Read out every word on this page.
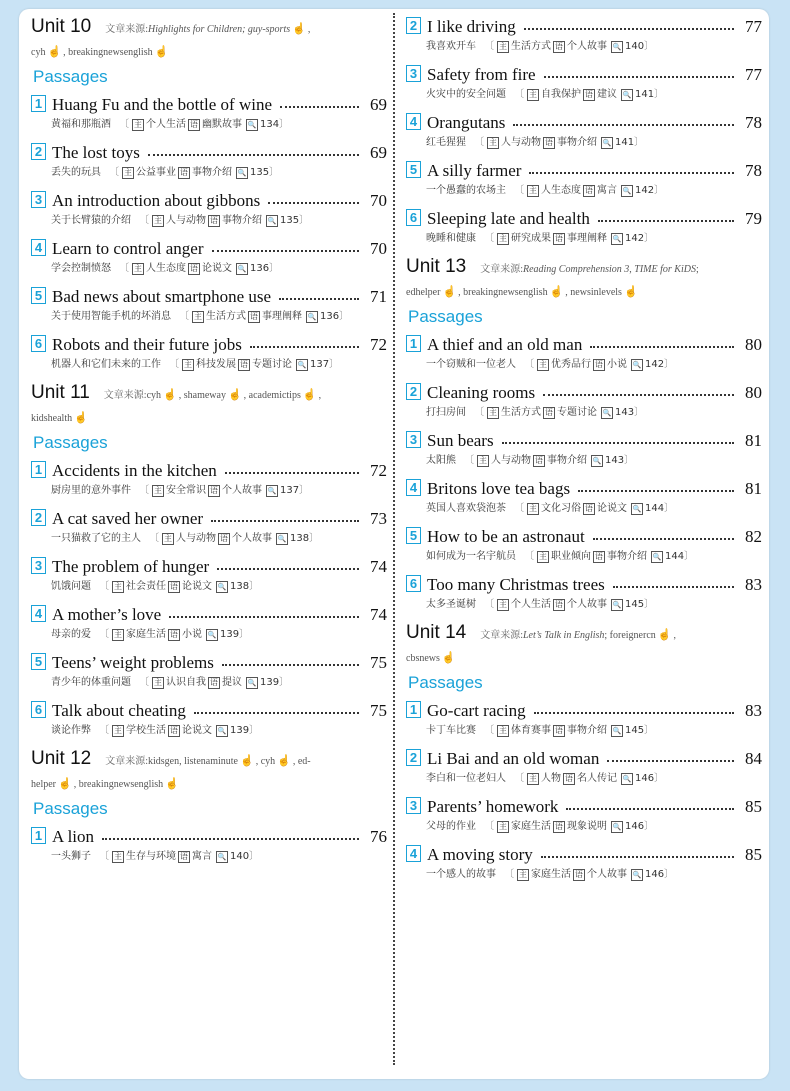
Unit 10 文章来源:Highlights for Children; guy-sports ☝ ,
cyh ☝ , breakingnewsenglish ☝
Passages
1 Huang Fu and the bottle of wine	69
黄福和那瓶酒 〔 主 个人生活 语 幽默故事 🔍 134〕
2 The lost toys	69
丢失的玩具 〔 主 公益事业 语 事物介绍 🔍 135〕
3 An introduction about gibbons	70
关于长臂猿的介绍 〔 主 人与动物 语 事物介绍 🔍 135〕
4 Learn to control anger	70
学会控制愤怒 〔 主 人生态度 语 论说文 🔍 136〕
5 Bad news about smartphone use	71
关于使用智能手机的坏消息 〔 主 生活方式 语 事理阐释 🔍 136〕
6 Robots and their future jobs	72
机器人和它们未来的工作 〔 主 科技发展 语 专题讨论 🔍 137〕
Unit 11 文章来源:cyh ☝ , shameway ☝ , academictips ☝ ,
kidshealth ☝
Passages
1 Accidents in the kitchen	72
厨房里的意外事件 〔 主 安全常识 语 个人故事 🔍 137〕
2 A cat saved her owner	73
一只猫救了它的主人 〔 主 人与动物 语 个人故事 🔍 138〕
3 The problem of hunger	74
饥饿问题 〔 主 社会责任 语 论说文 🔍 138〕
4 A mother’s love	74
母亲的爱 〔 主 家庭生活 语 小说 🔍 139〕
5 Teens’ weight problems	75
青少年的体重问题 〔 主 认识自我 语 提议 🔍 139〕
6 Talk about cheating	75
谈论作弊 〔 主 学校生活 语 论说文 🔍 139〕
Unit 12 文章来源:kidsgen, listenaminute ☝ , cyh ☝ , ed-
helper ☝ , breakingnewsenglish ☝
Passages
1 A lion	76
一头狮子 〔 主 生存与环境 语 寓言 🔍 140〕
2 I like driving	77
我喜欢开车 〔 主 生活方式 语 个人故事 🔍 140〕
3 Safety from fire	77
火灾中的安全问题 〔 主 自我保护 语 建议 🔍 141〕
4 Orangutans	78
红毛猩猩 〔 主 人与动物 语 事物介绍 🔍 141〕
5 A silly farmer	78
一个愚蠢的农场主 〔 主 人生态度 语 寓言 🔍 142〕
6 Sleeping late and health	79
晚睡和健康 〔 主 研究成果 语 事理阐释 🔍 142〕
Unit 13 文章来源:Reading Comprehension 3, TIME for KiDS;
edhelper ☝ , breakingnewsenglish ☝ , newsinlevels ☝
Passages
1 A thief and an old man	80
一个窃贼和一位老人 〔 主 优秀品行 语 小说 🔍 142〕
2 Cleaning rooms	80
打扫房间 〔 主 生活方式 语 专题讨论 🔍 143〕
3 Sun bears	81
太阳熊 〔 主 人与动物 语 事物介绍 🔍 143〕
4 Britons love tea bags	81
英国人喜欢袋泡茶 〔 主 文化习俗 语 论说文 🔍 144〕
5 How to be an astronaut	82
如何成为一名宇航员 〔 主 职业倾向 语 事物介绍 🔍 144〕
6 Too many Christmas trees	83
太多圣诞树 〔 主 个人生活 语 个人故事 🔍 145〕
Unit 14 文章来源:Let’s Talk in English; foreignercn ☝ ,
cbsnews ☝
Passages
1 Go-cart racing	83
卡丁车比赛 〔 主 体育赛事 语 事物介绍 🔍 145〕
2 Li Bai and an old woman	84
李白和一位老妇人 〔 主 人物 语 名人传记 🔍 146〕
3 Parents’ homework	85
父母的作业 〔 主 家庭生活 语 现象说明 🔍 146〕
4 A moving story	85
一个感人的故事 〔 主 家庭生活 语 个人故事 🔍 146〕
